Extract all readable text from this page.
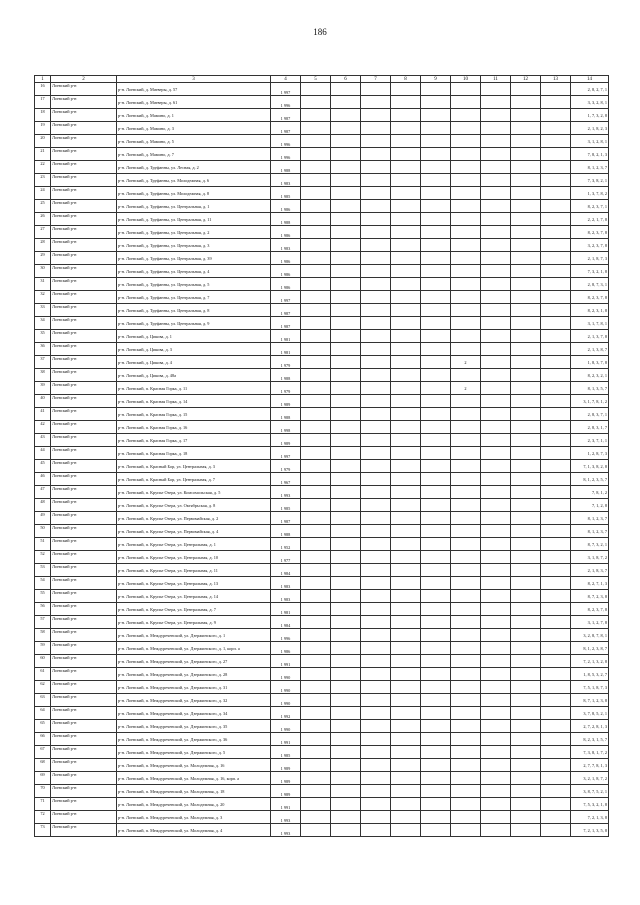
186
1	2	3	4	5	6	7	8	9	10	11	12	13	14
16	Лоевский р-н	р-н. Лоевский, д. Матверы, д. 57	1 997										2, 8, 2, 7, 1
17	Лоевский р-н	р-н. Лоевский, д. Матверы, д. 61	1 996										3, 3, 2, 8, 1
18	Лоевский р-н	р-н. Лоевский, д. Мамино, д. 1	1 987										1, 7, 3, 2, 8
19	Лоевский р-н	р-н. Лоевский, д. Мамино, д. 3	1 987										2, 1, 8, 2, 3
20	Лоевский р-н	р-н. Лоевский, д. Мамино, д. 5	1 996										3, 1, 2, 8, 1
21	Лоевский р-н	р-н. Лоевский, д. Мамино, д. 7	1 996										7, 8, 2, 1, 3
22	Лоевский р-н	р-н. Лоевский, д. Труфанны, ул. Лесная, д. 2	1 988										8, 1, 2, 3, 7
23	Лоевский р-н	р-н. Лоевский, д. Труфанны, ул. Молодежная, д. 6	1 983										7, 3, 8, 2, 1
24	Лоевский р-н	р-н. Лоевский, д. Труфанны, ул. Молодежная, д. 8	1 985										1, 3, 7, 8, 2
25	Лоевский р-н	р-н. Лоевский, д. Труфанны, ул. Центральная, д. 1	1 986										8, 2, 3, 7, 1
26	Лоевский р-н	р-н. Лоевский, д. Труфанны, ул. Центральная, д. 11	1 988										2, 2, 1, 7, 8
27	Лоевский р-н	р-н. Лоевский, д. Труфанны, ул. Центральная, д. 2	1 986										8, 2, 3, 7, 8
28	Лоевский р-н	р-н. Лоевский, д. Труфанны, ул. Центральная, д. 3	1 983										3, 2, 3, 7, 8
29	Лоевский р-н	р-н. Лоевский, д. Труфанны, ул. Центральная, д. 39	1 986										2, 1, 8, 7, 3
30	Лоевский р-н	р-н. Лоевский, д. Труфанны, ул. Центральная, д. 4	1 986										7, 3, 2, 1, 8
31	Лоевский р-н	р-н. Лоевский, д. Труфанны, ул. Центральная, д. 5	1 986										2, 8, 7, 3, 1
32	Лоевский р-н	р-н. Лоевский, д. Труфанны, ул. Центральная, д. 7	1 997										8, 2, 3, 7, 8
33	Лоевский р-н	р-н. Лоевский, д. Труфанны, ул. Центральная, д. 8	1 987										8, 2, 3, 1, 8
34	Лоевский р-н	р-н. Лоевский, д. Труфанны, ул. Центральная, д. 9	1 987										3, 1, 7, 8, 1
35	Лоевский р-н	р-н. Лоевский, д. Цикова, д. 1	1 981										2, 1, 3, 7, 8
36	Лоевский р-н	р-н. Лоевский, д. Цикова, д. 3	1 981										2, 1, 3, 8, 7
37	Лоевский р-н	р-н. Лоевский, д. Цикова, д. 4	1 979						2				1, 8, 3, 7, 8
38	Лоевский р-н	р-н. Лоевский, д. Цикова, д. 48а	1 988										8, 2, 3, 2, 1
39	Лоевский р-н	р-н. Лоевский, п. Красная Горка, д. 11	1 979						2				8, 1, 3, 5, 7
40	Лоевский р-н	р-н. Лоевский, п. Красная Горка, д. 14	1 989										3, 1, 7, 8, 1, 2
41	Лоевский р-н	р-н. Лоевский, п. Красная Горка, д. 15	1 988										2, 8, 3, 7, 1
42	Лоевский р-н	р-н. Лоевский, п. Красная Горка, д. 16	1 998										2, 8, 3, 1, 7
43	Лоевский р-н	р-н. Лоевский, п. Красная Горка, д. 17	1 989										2, 3, 7, 1, 1
44	Лоевский р-н	р-н. Лоевский, п. Красная Горка, д. 18	1 997										1, 2, 8, 7, 3
45	Лоевский р-н	р-н. Лоевский, п. Красный Бор, ул. Центральная, д. 3	1 979										7, 1, 3, 8, 2, 8
46	Лоевский р-н	р-н. Лоевский, п. Красный Бор, ул. Центральная, д. 7	1 967										8, 1, 2, 3, 5, 7
47	Лоевский р-н	р-н. Лоевский, п. Крупье Озера, ул. Комсомольская, д. 5	1 993										7, 8, 1, 2
48	Лоевский р-н	р-н. Лоевский, п. Крупье Озера, ул. Октябрьская, д. 8	1 985										7, 1, 2, 8
49	Лоевский р-н	р-н. Лоевский, п. Крупье Озера, ул. Первомайская, д. 2	1 987										8, 1, 2, 3, 7
50	Лоевский р-н	р-н. Лоевский, п. Крупье Озера, ул. Первомайская, д. 4	1 988										8, 1, 2, 3, 7
51	Лоевский р-н	р-н. Лоевский, п. Крупье Озера, ул. Центральная, д. 1	1 952										8, 7, 3, 2, 1
52	Лоевский р-н	р-н. Лоевский, п. Крупье Озера, ул. Центральная, д. 10	1 977										3, 1, 8, 7, 2
53	Лоевский р-н	р-н. Лоевский, п. Крупье Озера, ул. Центральная, д. 11	1 984										2, 1, 8, 3, 7
54	Лоевский р-н	р-н. Лоевский, п. Крупье Озера, ул. Центральная, д. 13	1 983										8, 2, 7, 1, 3
55	Лоевский р-н	р-н. Лоевский, п. Крупье Озера, ул. Центральная, д. 14	1 983										8, 7, 2, 3, 8
56	Лоевский р-н	р-н. Лоевский, п. Крупье Озера, ул. Центральная, д. 7	1 981										8, 2, 3, 7, 8
57	Лоевский р-н	р-н. Лоевский, п. Крупье Озера, ул. Центральная, д. 9	1 984										3, 1, 2, 7, 8
58	Лоевский р-н	р-н. Лоевский, п. Междуреченский, ул. Дзержинского, д. 1	1 996										3, 2, 8, 7, 8, 1
59	Лоевский р-н	р-н. Лоевский, п. Междуреченский, ул. Дзержинского, д. 1, корп. а	1 986										8, 1, 2, 3, 8, 7
60	Лоевский р-н	р-н. Лоевский, п. Междуреченский, ул. Дзержинского, д. 27	1 991										7, 2, 1, 3, 2, 8
61	Лоевский р-н	р-н. Лоевский, п. Междуреченский, ул. Дзержинского, д. 28	1 990										1, 8, 5, 3, 2, 7
62	Лоевский р-н	р-н. Лоевский, п. Междуреченский, ул. Дзержинского, д. 31	1 990										7, 5, 1, 8, 7, 3
63	Лоевский р-н	р-н. Лоевский, п. Междуреченский, ул. Дзержинского, д. 32	1 990										8, 7, 1, 2, 3, 8
64	Лоевский р-н	р-н. Лоевский, п. Междуреченский, ул. Дзержинского, д. 34	1 992										3, 7, 8, 5, 2, 1
65	Лоевский р-н	р-н. Лоевский, п. Междуреченский, ул. Дзержинского, д. 35	1 990										2, 7, 2, 8, 1, 3
66	Лоевский р-н	р-н. Лоевский, п. Междуреченский, ул. Дзержинского, д. 36	1 991										8, 2, 3, 1, 5, 7
67	Лоевский р-н	р-н. Лоевский, п. Междуреченский, ул. Дзержинского, д. 5	1 985										7, 3, 8, 1, 7, 2
68	Лоевский р-н	р-н. Лоевский, п. Междуреченский, ул. Молодежная, д. 16	1 989										2, 7, 7, 8, 1, 3
69	Лоевский р-н	р-н. Лоевский, п. Междуреченский, ул. Молодежная, д. 16, корп. а	1 989										3, 2, 1, 8, 7, 2
70	Лоевский р-н	р-н. Лоевский, п. Междуреченский, ул. Молодежная, д. 18	1 989										3, 8, 7, 5, 2, 1
71	Лоевский р-н	р-н. Лоевский, п. Междуреченский, ул. Молодежная, д. 20	1 991										7, 5, 3, 2, 1, 8
72	Лоевский р-н	р-н. Лоевский, п. Междуреченский, ул. Молодежная, д. 3	1 993										7, 2, 1, 3, 8
73	Лоевский р-н	р-н. Лоевский, п. Междуреченский, ул. Молодежная, д. 4	1 993										7, 2, 1, 3, 5, 8
